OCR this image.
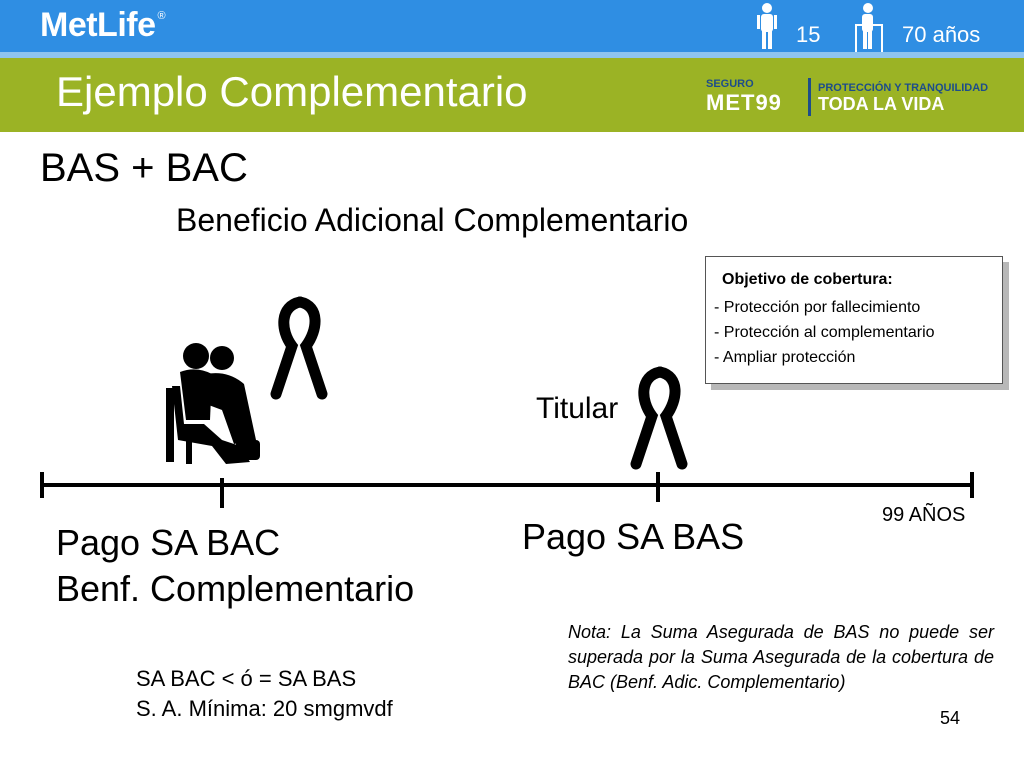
MetLife ®
15	70 años
Ejemplo Complementario	SEGURO
MET99
PROTECCIÓN Y TRANQUILIDAD
TODA LA VIDA
BAS + BAC
Beneficio Adicional Complementario
Objetivo de cobertura:
- Protección por fallecimiento
- Protección al complementario
- Ampliar protección
Titular
Pago SA BAC
Benf. Complementario
Pago SA BAS
99 AÑOS
SA BAC < ó = SA BAS
S. A. Mínima: 20 smgmvdf
Nota: La Suma Asegurada de BAS no puede ser superada por la Suma Asegurada de la cobertura de BAC (Benf. Adic. Complementario)
54
